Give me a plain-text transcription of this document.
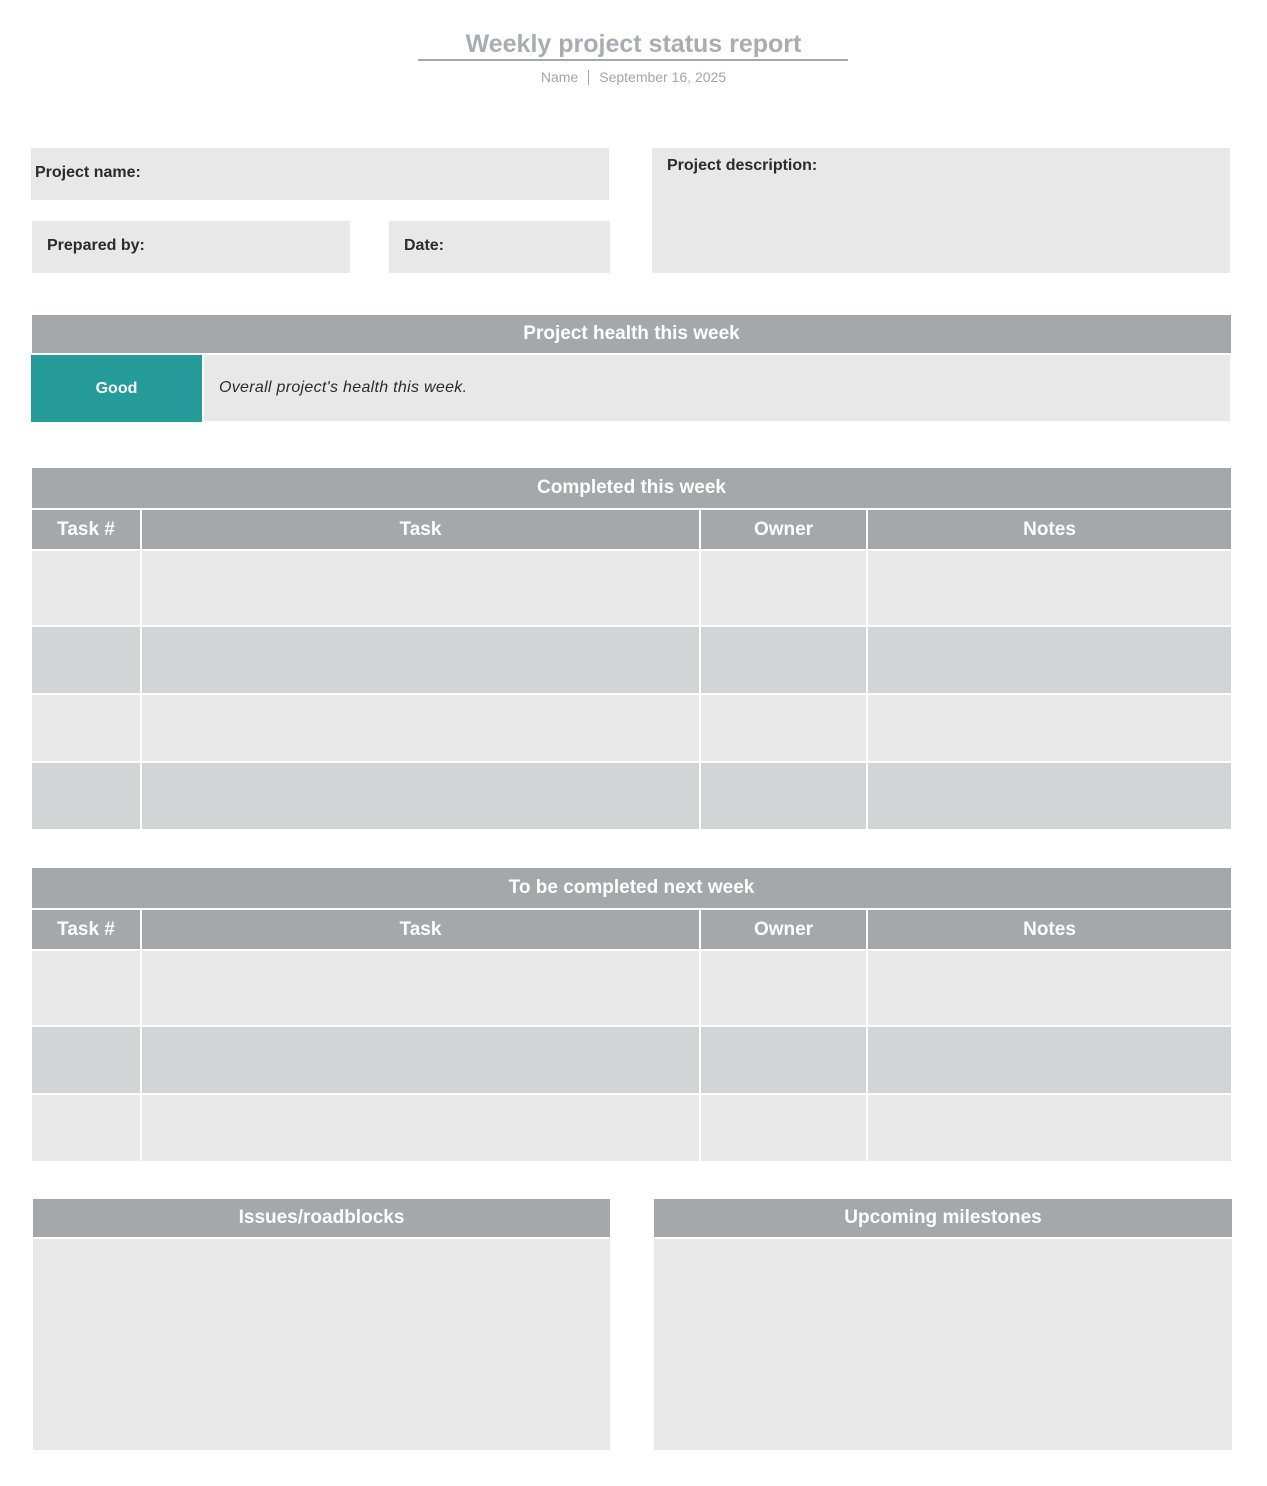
Weekly project status report
Name September 16, 2025
Project name:
Prepared by:	Date:
Project description:
Project health this week
Good	Overall project's health this week.
Completed this week
Task #	Task	Owner	Notes
To be completed next week
Task #	Task	Owner	Notes
Issues/roadblocks	Upcoming milestones
